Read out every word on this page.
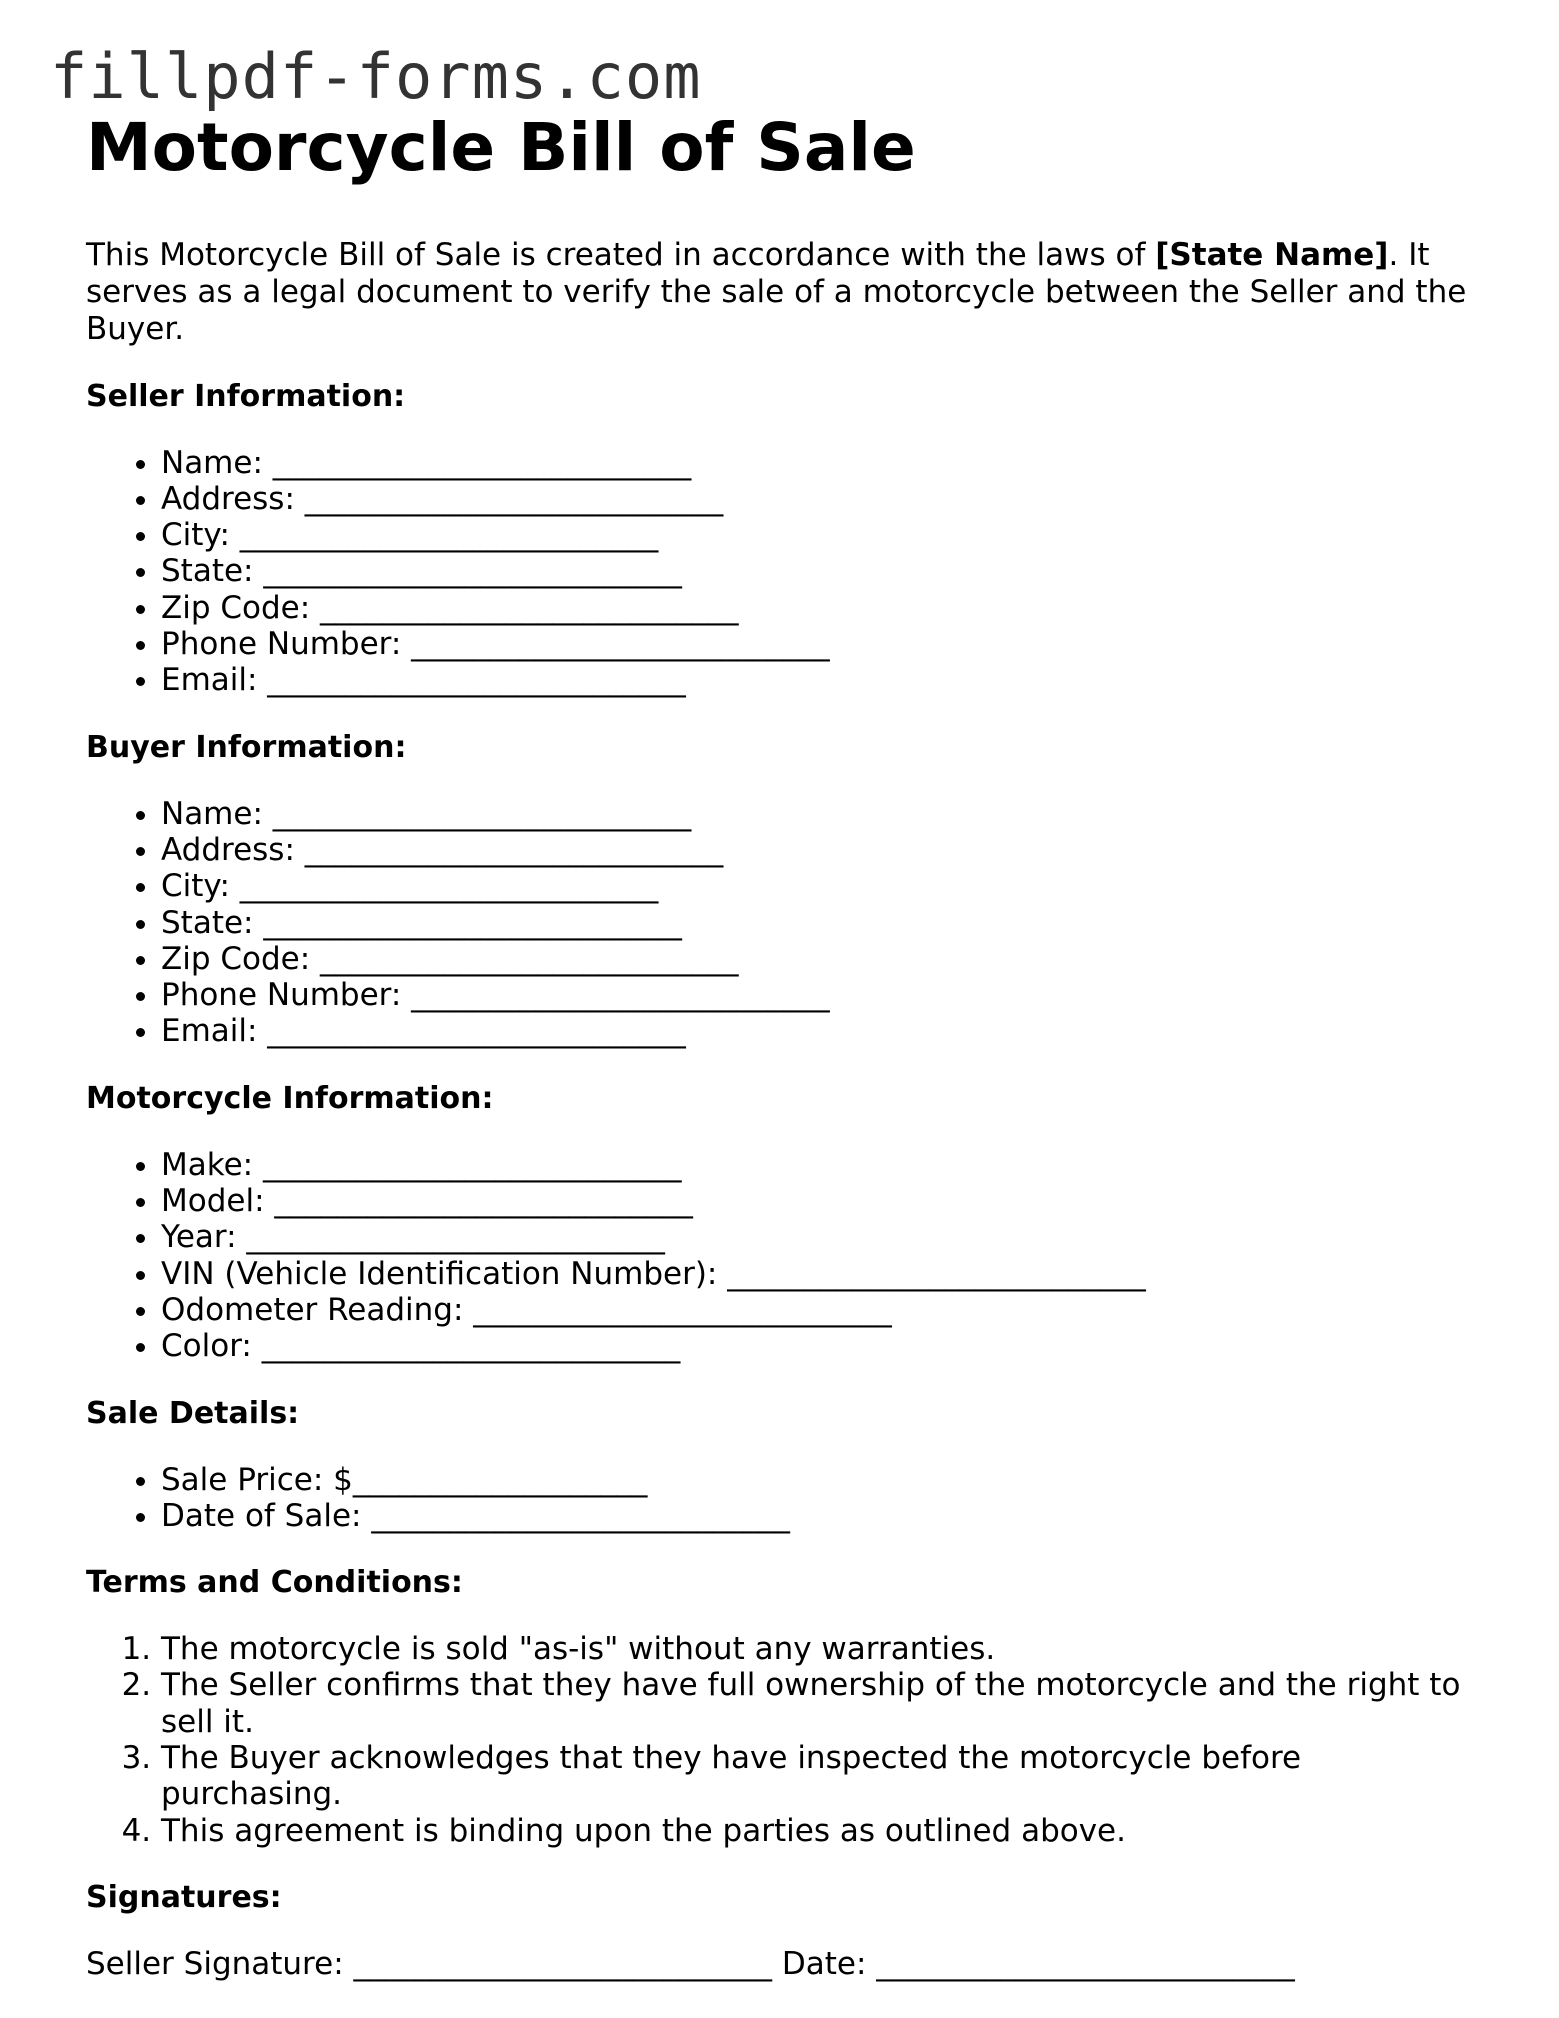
fillpdf-forms.com
Motorcycle Bill of Sale

This Motorcycle Bill of Sale is created in accordance with the laws of [State Name]. It serves as a legal document to verify the sale of a motorcycle between the Seller and the Buyer.

Seller Information:
• Name: ___________________________
• Address: ___________________________
• City: ___________________________
• State: ___________________________
• Zip Code: ___________________________
• Phone Number: ___________________________
• Email: ___________________________
Buyer Information:
• Name: ___________________________
• Address: ___________________________
• City: ___________________________
• State: ___________________________
• Zip Code: ___________________________
• Phone Number: ___________________________
• Email: ___________________________
Motorcycle Information:
• Make: ___________________________
• Model: ___________________________
• Year: ___________________________
• VIN (Vehicle Identification Number): ___________________________
• Odometer Reading: ___________________________
• Color: ___________________________
Sale Details:
• Sale Price: $___________________
• Date of Sale: ___________________________
Terms and Conditions:
1. The motorcycle is sold "as-is" without any warranties.
2. The Seller confirms that they have full ownership of the motorcycle and the right to sell it.
3. The Buyer acknowledges that they have inspected the motorcycle before purchasing.
4. This agreement is binding upon the parties as outlined above.
Signatures:

Seller Signature: ___________________________ Date: ___________________________
